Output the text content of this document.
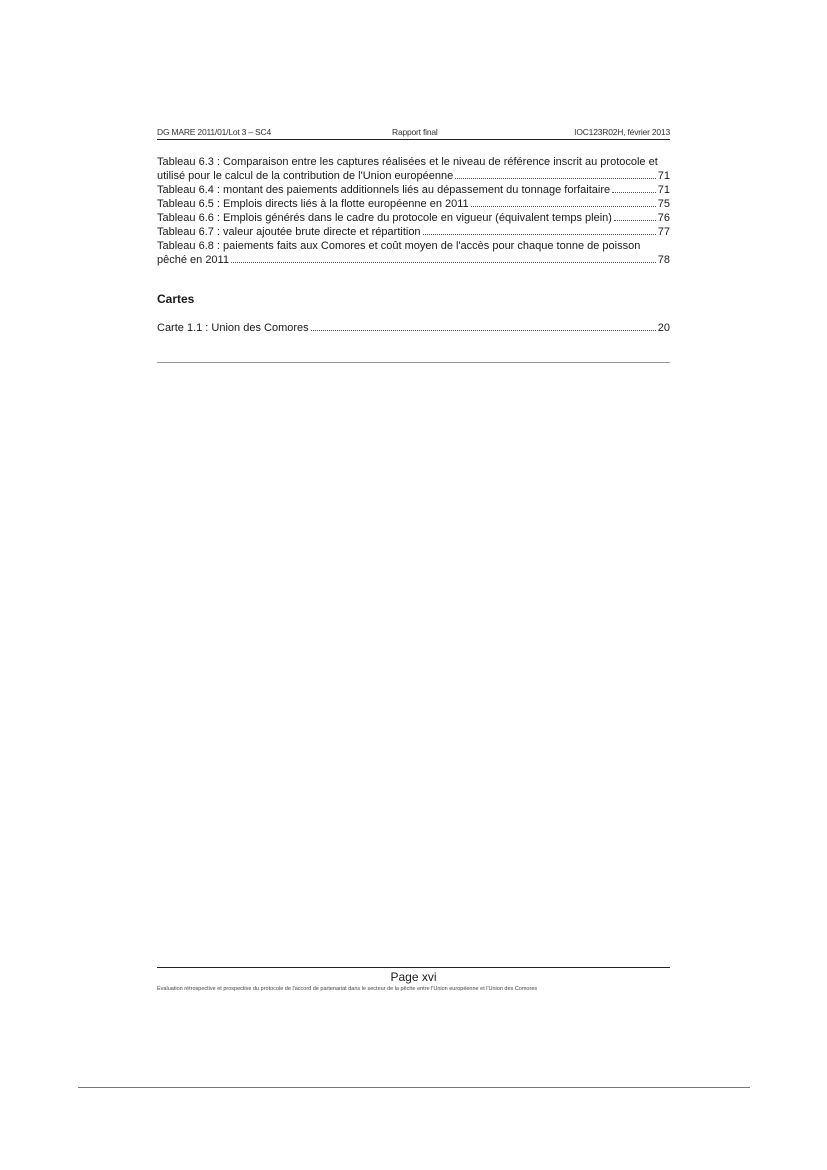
DG MARE 2011/01/Lot 3 – SC4	Rapport final	IOC123R02H, février 2013
Tableau 6.3 : Comparaison entre les captures réalisées et le niveau de référence inscrit au protocole et
utilisé pour le calcul de la contribution de l'Union européenne	71
Tableau 6.4 : montant des paiements additionnels liés au dépassement du tonnage forfaitaire	71
Tableau 6.5 : Emplois directs liés à la flotte européenne en 2011	75
Tableau 6.6 : Emplois générés dans le cadre du protocole en vigueur (équivalent temps plein)	76
Tableau 6.7 : valeur ajoutée brute directe et répartition	77
Tableau 6.8 : paiements faits aux Comores et coût moyen de l'accès pour chaque tonne de poisson
pêché en 2011	78
Cartes
Carte 1.1 : Union des Comores	20
Page xvi
Évaluation rétrospective et prospective du protocole de l'accord de partenariat dans le secteur de la pêche entre l'Union européenne et l'Union des Comores
